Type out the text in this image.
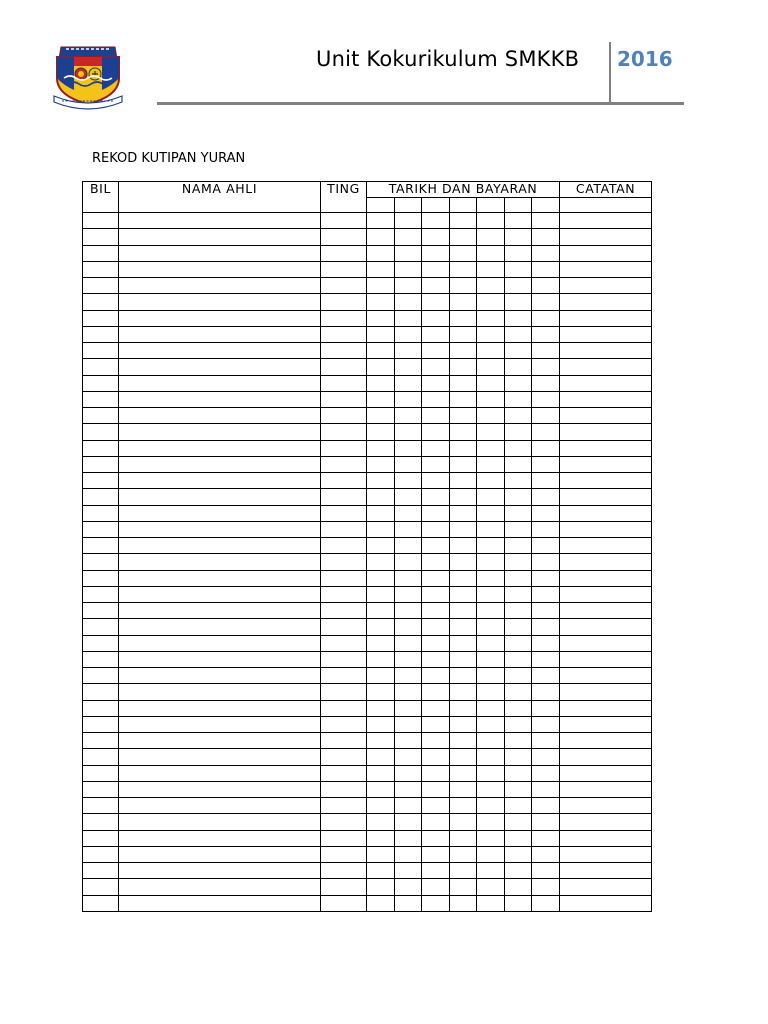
Unit Kokurikulum SMKKB 2016
REKOD KUTIPAN YURAN
BIL	NAMA AHLI	TING	TARIKH DAN BAYARAN							CATATAN
